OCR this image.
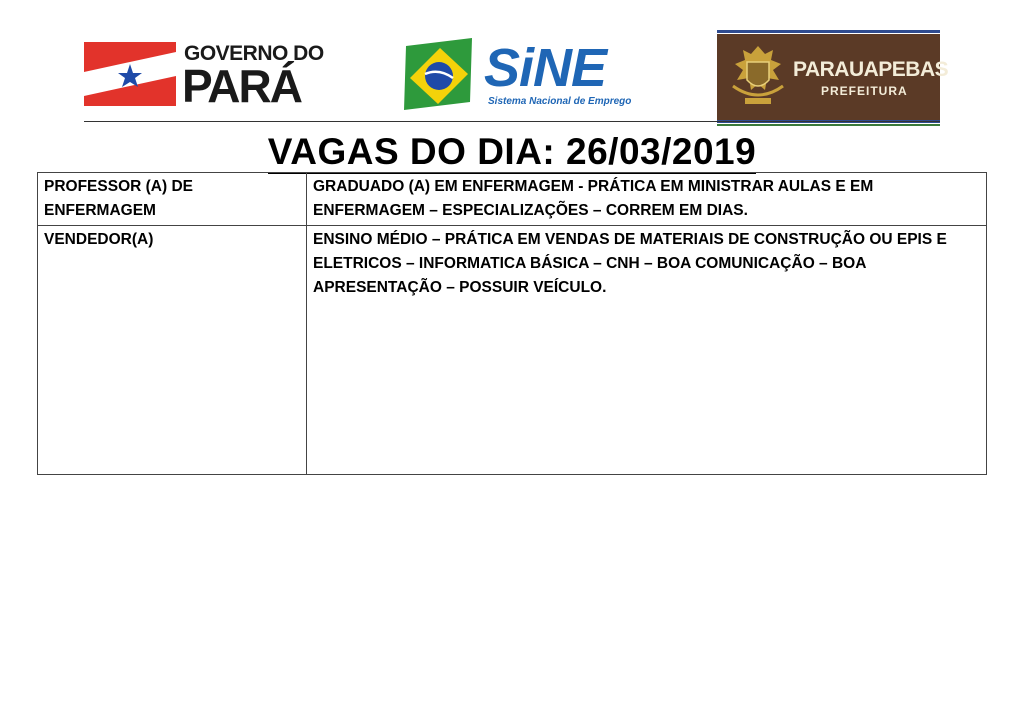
GOVERNO DO
PARÁ	SiNE
Sistema Nacional de Emprego
PARAUAPEBAS
PREFEITURA
VAGAS DO DIA: 26/03/2019
PROFESSOR (A) DE ENFERMAGEM	GRADUADO (A) EM ENFERMAGEM - PRÁTICA EM MINISTRAR AULAS E EM ENFERMAGEM – ESPECIALIZAÇÕES – CORREM EM DIAS.
VENDEDOR(A)	ENSINO MÉDIO – PRÁTICA EM VENDAS DE MATERIAIS DE CONSTRUÇÃO OU EPIS E ELETRICOS – INFORMATICA BÁSICA – CNH – BOA COMUNICAÇÃO – BOA APRESENTAÇÃO – POSSUIR VEÍCULO.
